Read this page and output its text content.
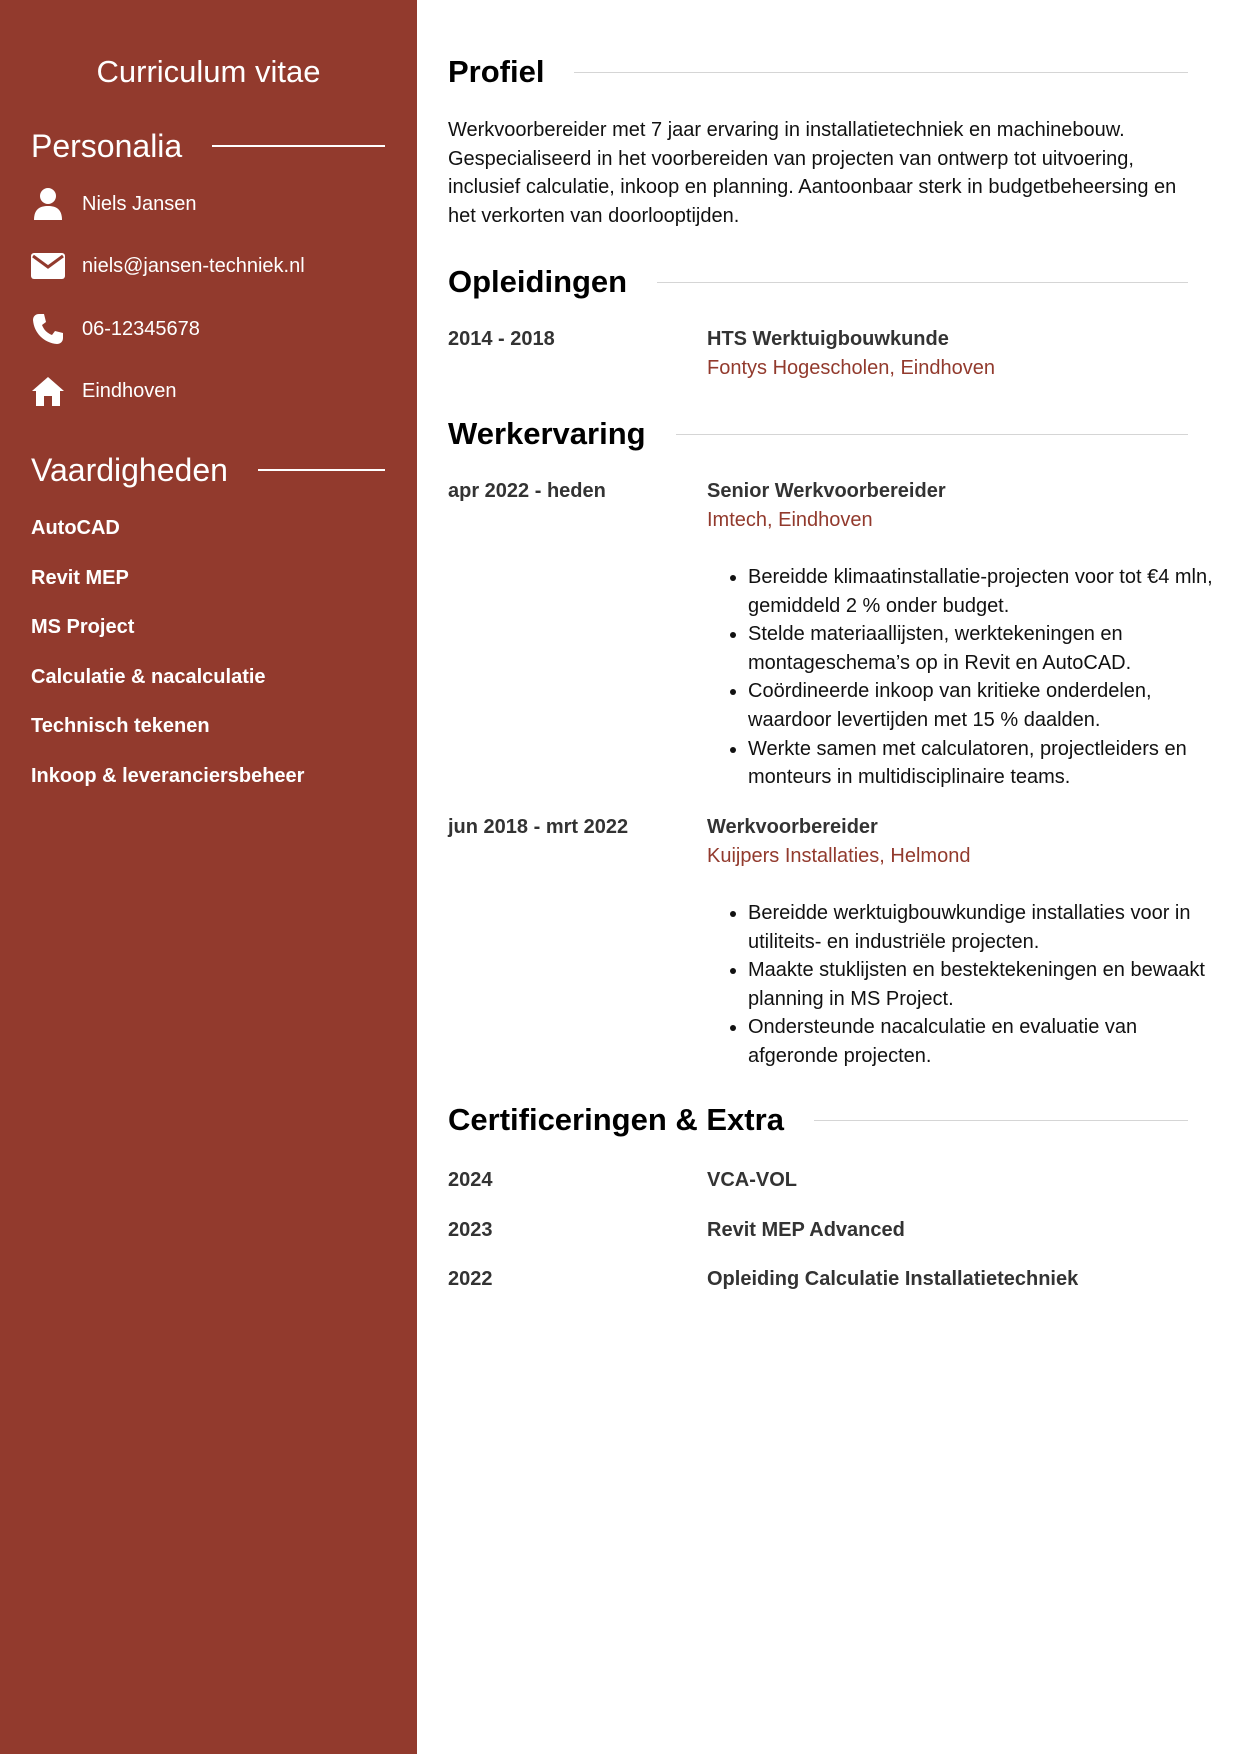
Curriculum vitae
Personalia
Niels Jansen
niels@jansen-techniek.nl
06-12345678
Eindhoven
Vaardigheden
AutoCAD
Revit MEP
MS Project
Calculatie & nacalculatie
Technisch tekenen
Inkoop & leveranciersbeheer
Profiel

Werkvoorbereider met 7 jaar ervaring in installatietechniek en machinebouw. Gespecialiseerd in het voorbereiden van projecten van ontwerp tot uitvoering, inclusief calculatie, inkoop en planning. Aantoonbaar sterk in budgetbeheersing en het verkorten van doorlooptijden.

Opleidingen
2014 - 2018	HTS Werktuigbouwkunde
Fontys Hogescholen, Eindhoven
Werkervaring
apr 2022 - heden	Senior Werkvoorbereider
Imtech, Eindhoven
• Bereidde klimaatinstallatie-projecten voor tot €4 mln, gemiddeld 2 % onder budget.
• Stelde materiaallijsten, werktekeningen en montageschema’s op in Revit en AutoCAD.
• Coördineerde inkoop van kritieke onderdelen, waardoor levertijden met 15 % daalden.
• Werkte samen met calculatoren, projectleiders en monteurs in multidisciplinaire teams.
jun 2018 - mrt 2022	Werkvoorbereider
Kuijpers Installaties, Helmond
• Bereidde werktuigbouwkundige installaties voor in utiliteits- en industriële projecten.
• Maakte stuklijsten en bestektekeningen en bewaakt planning in MS Project.
• Ondersteunde nacalculatie en evaluatie van afgeronde projecten.
Certificeringen & Extra
2024	VCA-VOL
2023	Revit MEP Advanced
2022	Opleiding Calculatie Installatietechniek
